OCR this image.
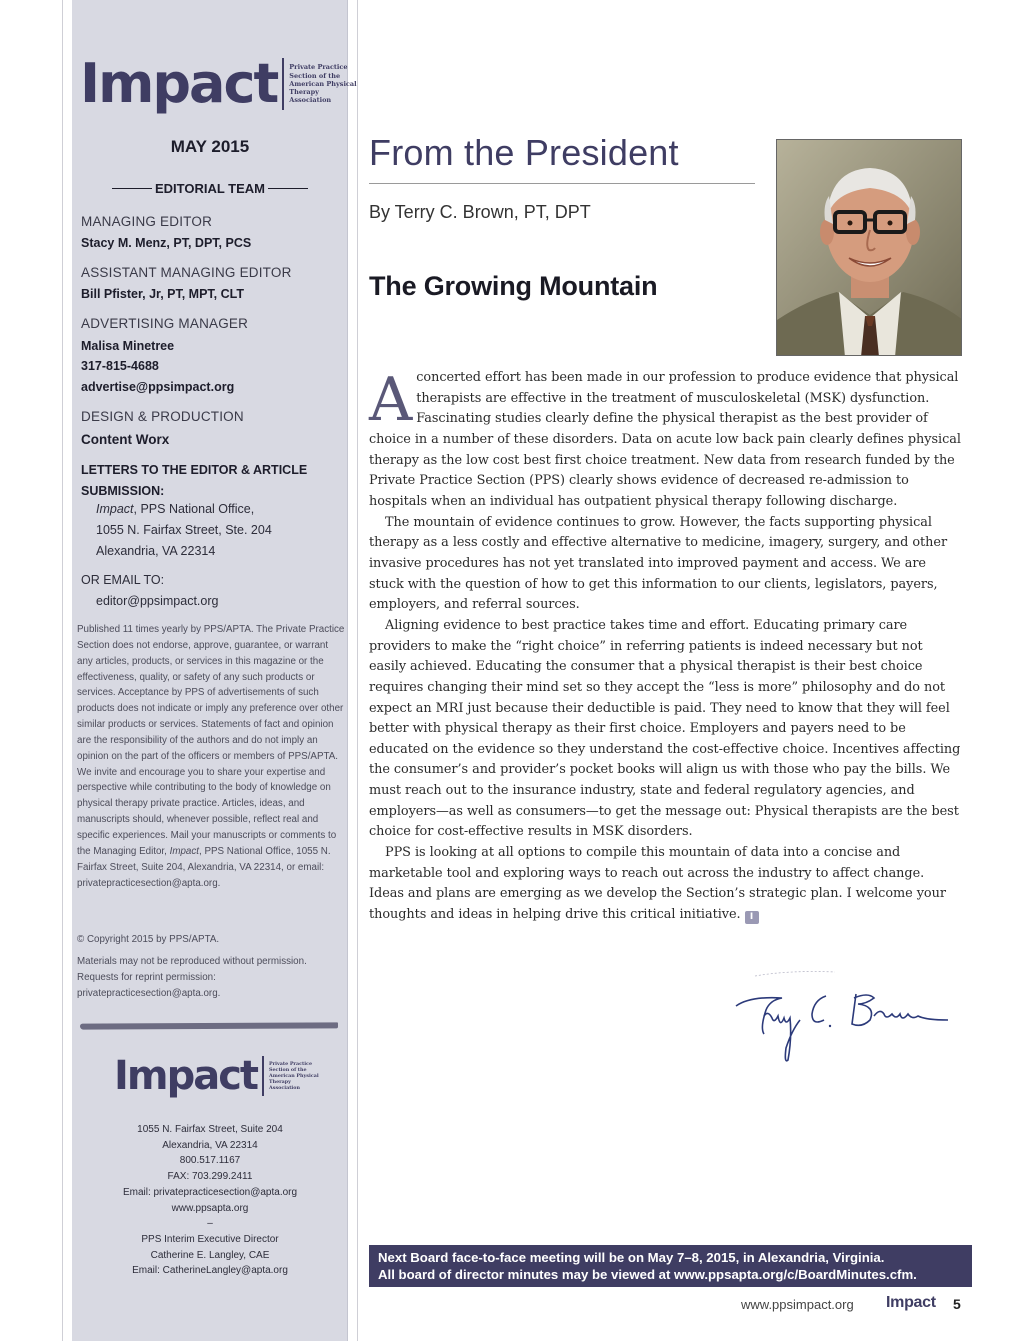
Impact Private Practice Section of the American Physical Therapy Association
MAY 2015
EDITORIAL TEAM
MANAGING EDITOR
Stacy M. Menz, PT, DPT, PCS
ASSISTANT MANAGING EDITOR
Bill Pfister, Jr, PT, MPT, CLT
ADVERTISING MANAGER
Malisa Minetree
317-815-4688
advertise@ppsimpact.org
DESIGN & PRODUCTION
Content Worx
LETTERS TO THE EDITOR & ARTICLE SUBMISSION:
Impact, PPS National Office,
1055 N. Fairfax Street, Ste. 204
Alexandria, VA 22314
OR EMAIL TO:
editor@ppsimpact.org
Published 11 times yearly by PPS/APTA. The Private Practice Section does not endorse, approve, guarantee, or warrant any articles, products, or services in this magazine or the effectiveness, quality, or safety of any such products or services. Acceptance by PPS of advertisements of such products does not indicate or imply any preference over other similar products or services. Statements of fact and opinion are the responsibility of the authors and do not imply an opinion on the part of the officers or members of PPS/APTA. We invite and encourage you to share your expertise and perspective while contributing to the body of knowledge on physical therapy private practice. Articles, ideas, and manuscripts should, whenever possible, reflect real and specific experiences. Mail your manuscripts or comments to the Managing Editor, Impact, PPS National Office, 1055 N. Fairfax Street, Suite 204, Alexandria, VA 22314, or email: privatepracticesection@apta.org.
© Copyright 2015 by PPS/APTA.
Materials may not be reproduced without permission. Requests for reprint permission: privatepracticesection@apta.org.
Impact	Private Practice Section of the American Physical Therapy Association
1055 N. Fairfax Street, Suite 204
Alexandria, VA 22314
800.517.1167
FAX: 703.299.2411
Email: privatepracticesection@apta.org
www.ppsapta.org
–
PPS Interim Executive Director
Catherine E. Langley, CAE
Email: CatherineLangley@apta.org
From the President
By Terry C. Brown, PT, DPT
The Growing Mountain

Aconcerted effort has been made in our profession to produce evidence that physical therapists are effective in the treatment of musculoskeletal (MSK) dysfunction. Fascinating studies clearly define the physical therapist as the best provider of choice in a number of these disorders. Data on acute low back pain clearly defines physical therapy as the low cost best first choice treatment. New data from research funded by the Private Practice Section (PPS) clearly shows evidence of decreased re-admission to hospitals when an individual has outpatient physical therapy following discharge.

The mountain of evidence continues to grow. However, the facts supporting physical therapy as a less costly and effective alternative to medicine, imagery, surgery, and other invasive procedures has not yet translated into improved payment and access. We are stuck with the question of how to get this information to our clients, legislators, payers, employers, and referral sources.

Aligning evidence to best practice takes time and effort. Educating primary care providers to make the “right choice” in referring patients is indeed necessary but not easily achieved. Educating the consumer that a physical therapist is their best choice requires changing their mind set so they accept the “less is more” philosophy and do not expect an MRI just because their deductible is paid. They need to know that they will feel better with physical therapy as their first choice. Employers and payers need to be educated on the evidence so they understand the cost-effective choice. Incentives affecting the consumer’s and provider’s pocket books will align us with those who pay the bills. We must reach out to the insurance industry, state and federal regulatory agencies, and employers—as well as consumers—to get the message out: Physical therapists are the best choice for cost-effective results in MSK disorders.

PPS is looking at all options to compile this mountain of data into a concise and marketable tool and exploring ways to reach out across the industry to affect change. Ideas and plans are emerging as we develop the Section’s strategic plan. I welcome your thoughts and ideas in helping drive this critical initiative. I

Next Board face-to-face meeting will be on May 7–8, 2015, in Alexandria, Virginia.
All board of director minutes may be viewed at www.ppsapta.org/c/BoardMinutes.cfm.
www.ppsimpact.org Impact 5
